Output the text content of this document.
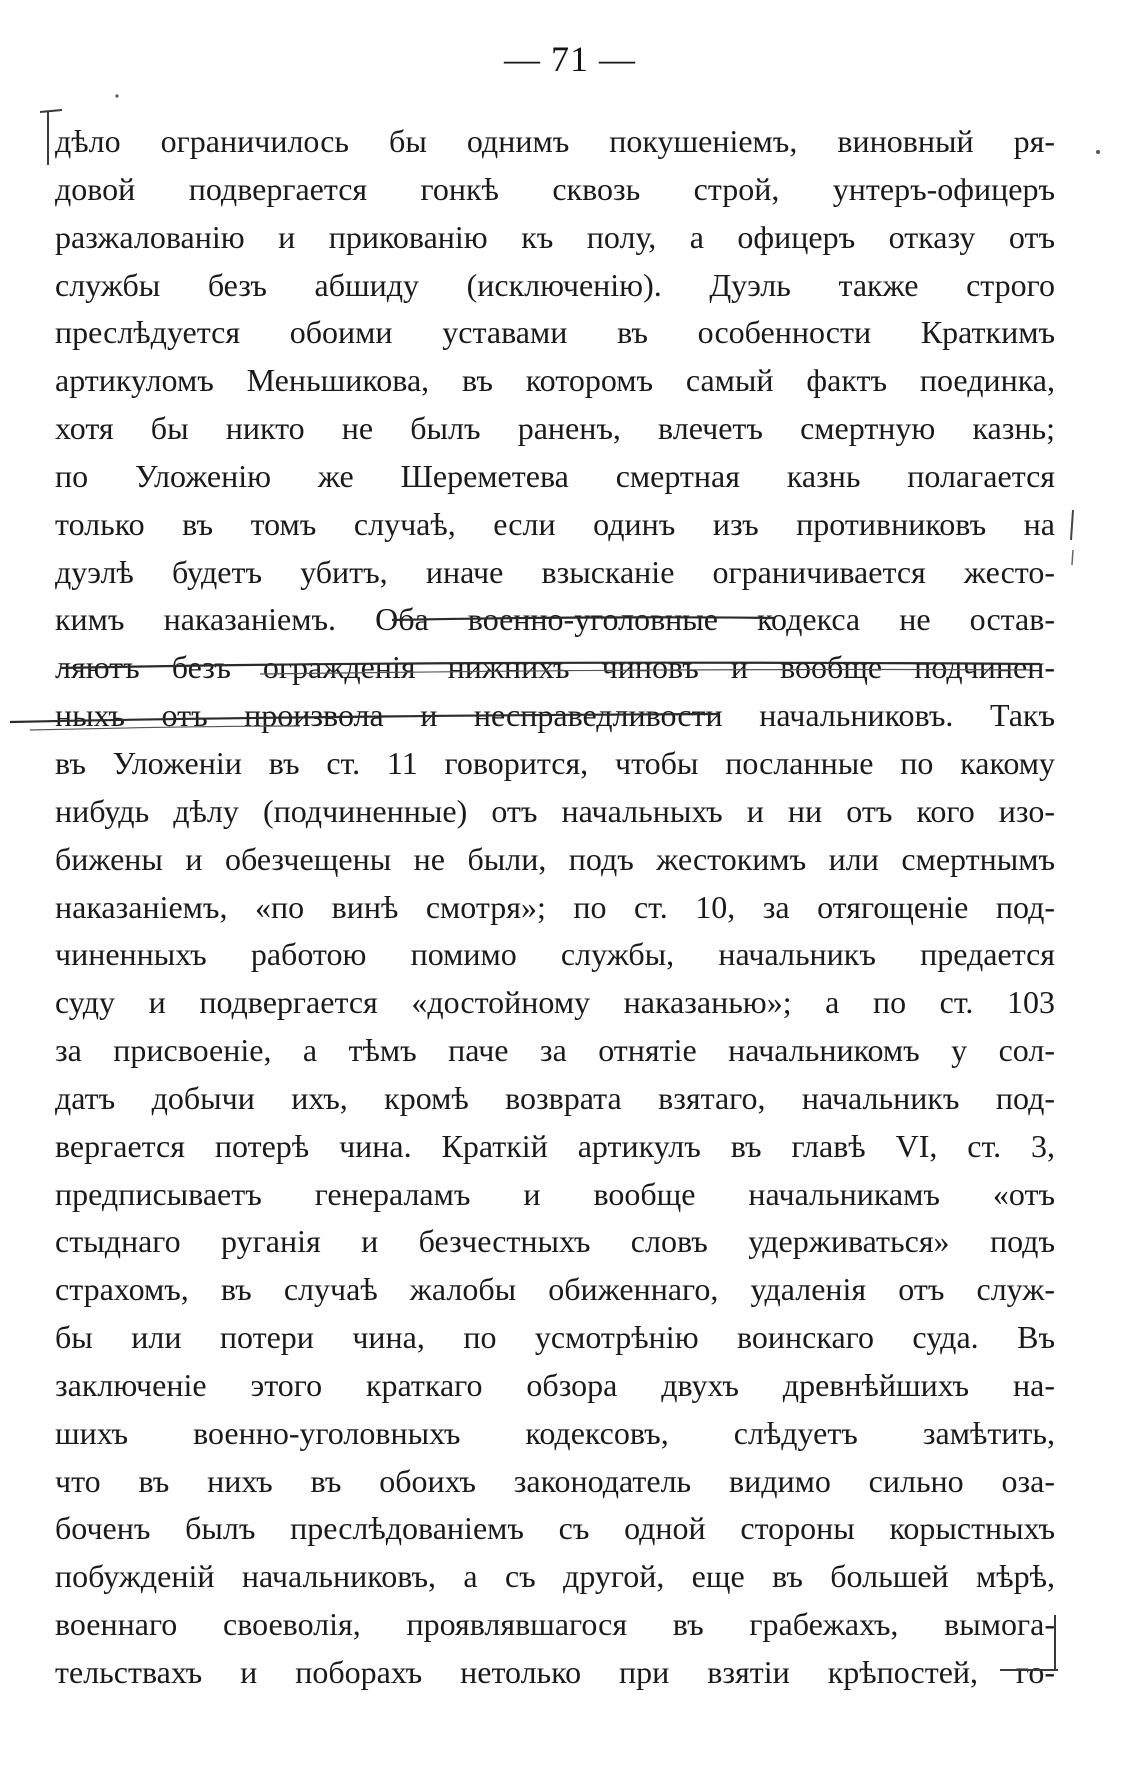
— 71 —
дѣло ограничилось бы однимъ покушеніемъ, виновный ря-
довой подвергается гонкѣ сквозь строй, унтеръ-офицеръ
разжалованію и прикованію къ полу, а офицеръ отказу отъ
службы безъ абшиду (исключенію). Дуэль также строго
преслѣдуется обоими уставами въ особенности Краткимъ
артикуломъ Меньшикова, въ которомъ самый фактъ поединка,
хотя бы никто не былъ раненъ, влечетъ смертную казнь;
по Уложенію же Шереметева смертная казнь полагается
только въ томъ случаѣ, если одинъ изъ противниковъ на
дуэлѣ будетъ убитъ, иначе взысканіе ограничивается жесто-
кимъ наказаніемъ. Оба военно-уголовные кодекса не остав-
ляютъ безъ огражденія нижнихъ чиновъ и вообще подчинен-
ныхъ отъ произвола и несправедливости начальниковъ. Такъ
въ Уложеніи въ ст. 11 говорится, чтобы посланные по какому
нибудь дѣлу (подчиненные) отъ начальныхъ и ни отъ кого изо-
бижены и обезчещены не были, подъ жестокимъ или смертнымъ
наказаніемъ, «по винѣ смотря»; по ст. 10, за отягощеніе под-
чиненныхъ работою помимо службы, начальникъ предается
суду и подвергается «достойному наказанью»; а по ст. 103
за присвоеніе, а тѣмъ паче за отнятіе начальникомъ у сол-
датъ добычи ихъ, кромѣ возврата взятаго, начальникъ под-
вергается потерѣ чина. Краткій артикулъ въ главѣ VI, ст. 3,
предписываетъ генераламъ и вообще начальникамъ «отъ
стыднаго руганія и безчестныхъ словъ удерживаться» подъ
страхомъ, въ случаѣ жалобы обиженнаго, удаленія отъ служ-
бы или потери чина, по усмотрѣнію воинскаго суда. Въ
заключеніе этого краткаго обзора двухъ древнѣйшихъ на-
шихъ военно-уголовныхъ кодексовъ, слѣдуетъ замѣтить,
что въ нихъ въ обоихъ законодатель видимо сильно оза-
боченъ былъ преслѣдованіемъ съ одной стороны корыстныхъ
побужденій начальниковъ, а съ другой, еще въ большей мѣрѣ,
военнаго своеволія, проявлявшагося въ грабежахъ, вымога-
тельствахъ и поборахъ нетолько при взятіи крѣпостей, го-
